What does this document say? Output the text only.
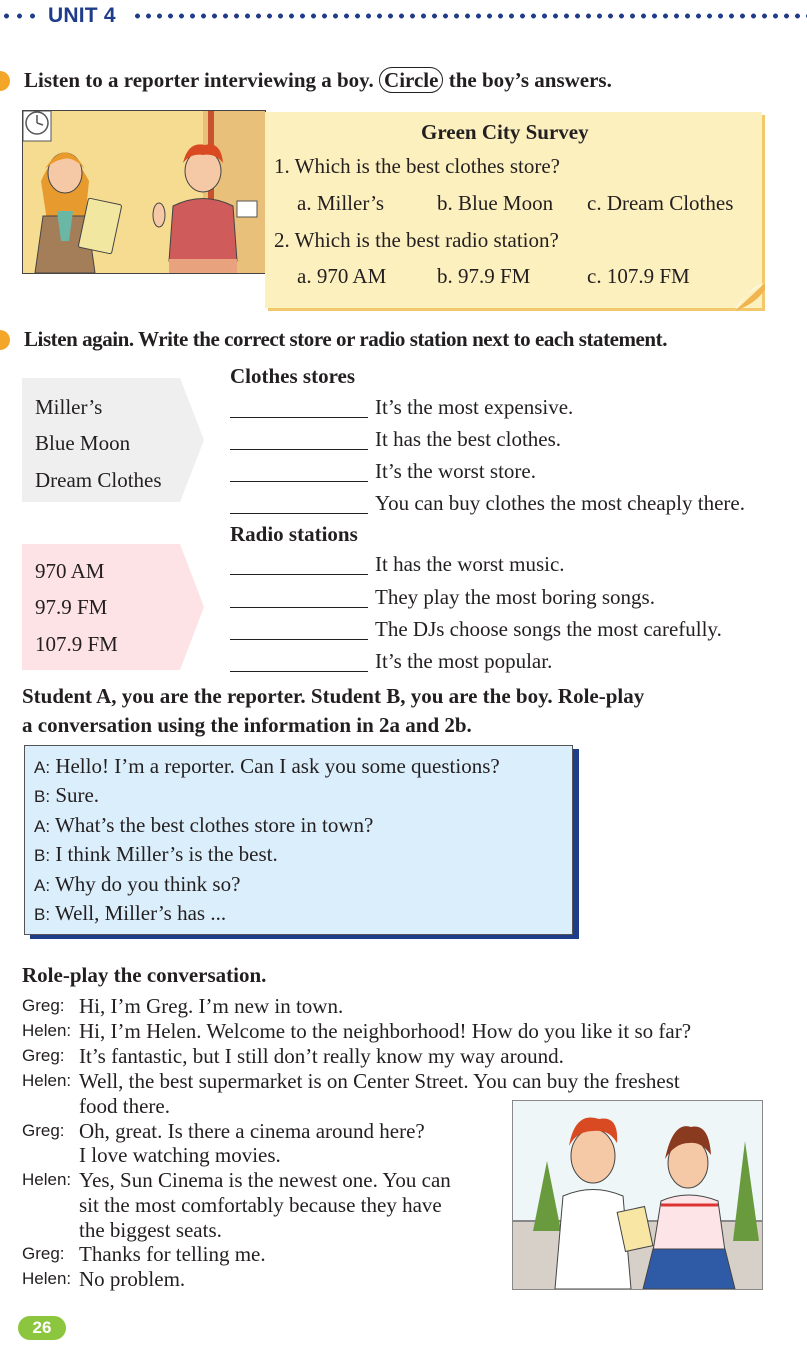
UNIT 4
Listen to a reporter interviewing a boy. Circle the boy’s answers.
Green City Survey
1. Which is the best clothes store?
a. Miller’s	b. Blue Moon c. Dream Clothes
2. Which is the best radio station?
a. 970 AM b. 97.9 FM	c. 107.9 FM
Listen again. Write the correct store or radio station next to each statement.
Clothes stores
Miller’s
Blue Moon
Dream Clothes
It’s the most expensive.
It has the best clothes.
It’s the worst store.
You can buy clothes the most cheaply there.
Radio stations
970 AM
97.9 FM
107.9 FM
It has the worst music.
They play the most boring songs.
The DJs choose songs the most carefully.
It’s the most popular.
Student A, you are the reporter. Student B, you are the boy. Role-play
a conversation using the information in 2a and 2b.
A: Hello! I’m a reporter. Can I ask you some questions?
B: Sure.
A: What’s the best clothes store in town?
B: I think Miller’s is the best.
A: Why do you think so?
B: Well, Miller’s has ...
Role-play the conversation.
Greg: Hi, I’m Greg. I’m new in town.
Helen: Hi, I’m Helen. Welcome to the neighborhood! How do you like it so far?
Greg: It’s fantastic, but I still don’t really know my way around.
Helen: Well, the best supermarket is on Center Street. You can buy the freshest
food there.
Greg: Oh, great. Is there a cinema around here?
I love watching movies.
Helen: Yes, Sun Cinema is the newest one. You can
sit the most comfortably because they have
the biggest seats.
Greg: Thanks for telling me.
Helen: No problem.
26
